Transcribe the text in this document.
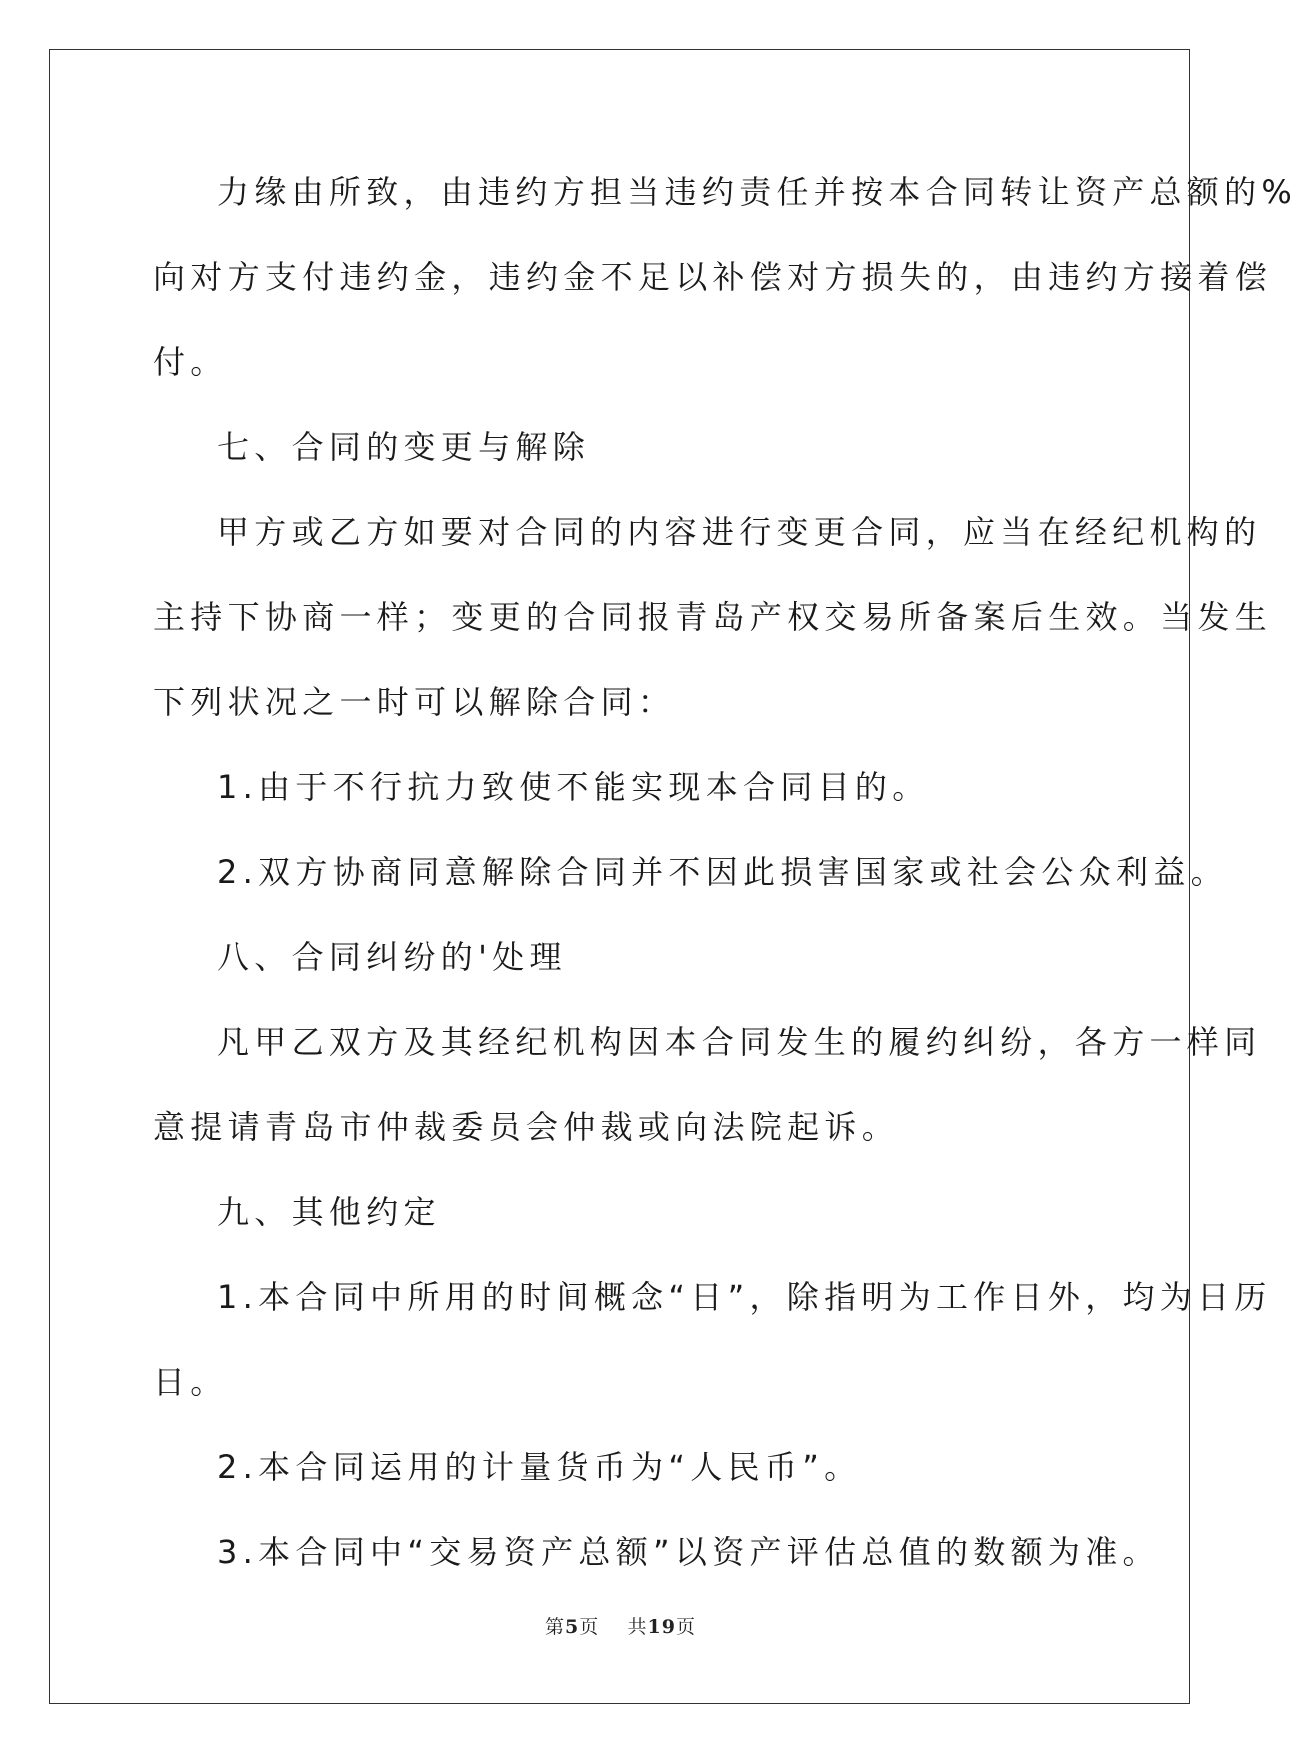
力缘由所致，由违约方担当违约责任并按本合同转让资产总额的%
向对方支付违约金，违约金不足以补偿对方损失的，由违约方接着偿
付。
七、合同的变更与解除
甲方或乙方如要对合同的内容进行变更合同，应当在经纪机构的
主持下协商一样；变更的合同报青岛产权交易所备案后生效。当发生
下列状况之一时可以解除合同：
1.由于不行抗力致使不能实现本合同目的。
2.双方协商同意解除合同并不因此损害国家或社会公众利益。
八、合同纠纷的'处理
凡甲乙双方及其经纪机构因本合同发生的履约纠纷，各方一样同
意提请青岛市仲裁委员会仲裁或向法院起诉。
九、其他约定
1.本合同中所用的时间概念“日”，除指明为工作日外，均为日历
日。
2.本合同运用的计量货币为“人民币”。
3.本合同中“交易资产总额”以资产评估总值的数额为准。
第5页 共19页
